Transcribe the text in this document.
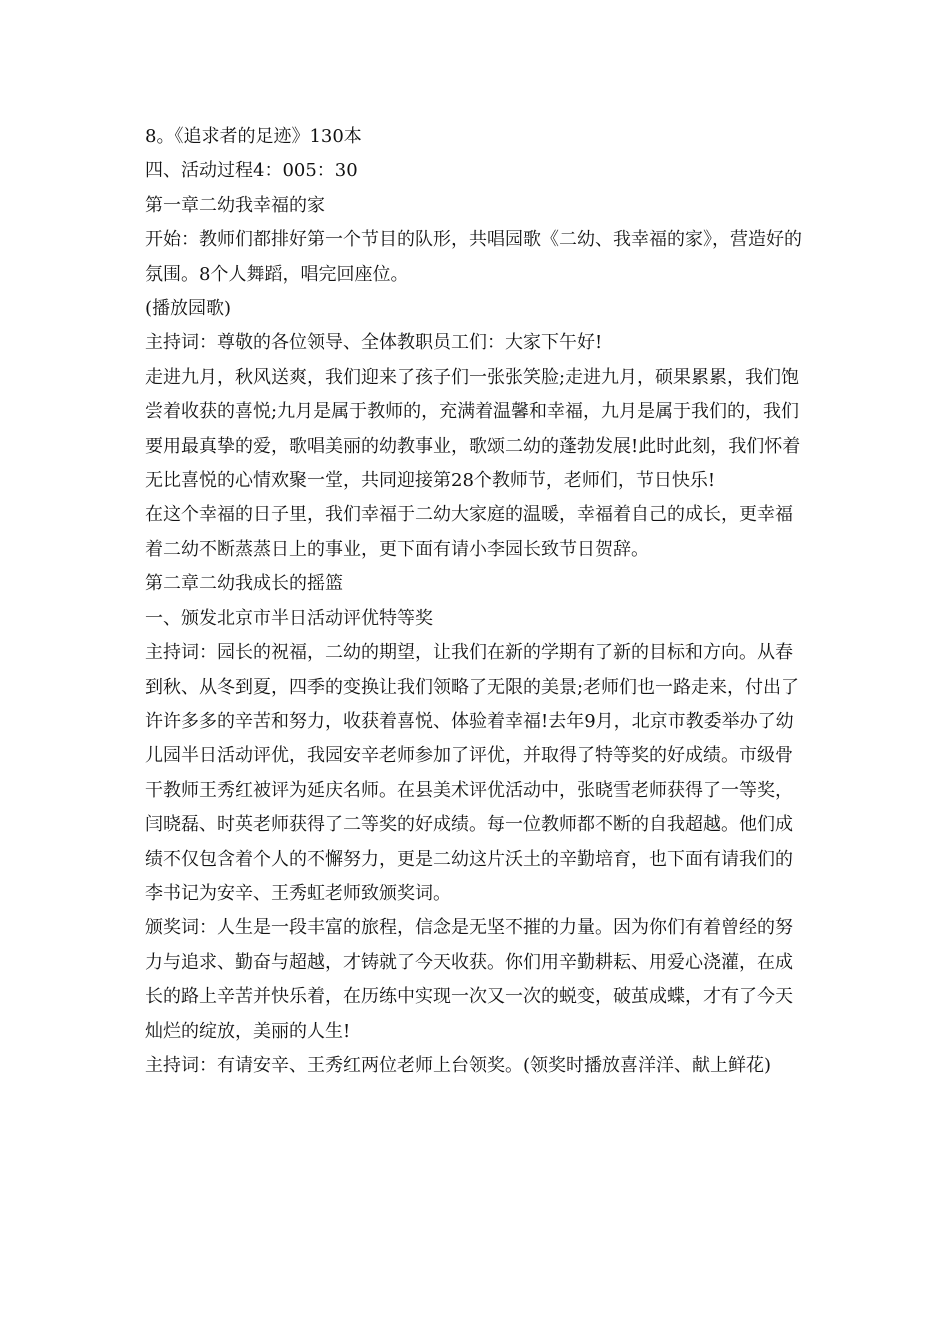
8。《追求者的足迹》130本

四、活动过程4：005：30

第一章二幼我幸福的家

开始：教师们都排好第一个节目的队形，共唱园歌《二幼、我幸福的家》，营造好的氛围。8个人舞蹈，唱完回座位。

(播放园歌)

主持词：尊敬的各位领导、全体教职员工们：大家下午好!

走进九月，秋风送爽，我们迎来了孩子们一张张笑脸;走进九月，硕果累累，我们饱尝着收获的喜悦;九月是属于教师的，充满着温馨和幸福，九月是属于我们的，我们要用最真挚的爱，歌唱美丽的幼教事业，歌颂二幼的蓬勃发展!此时此刻，我们怀着无比喜悦的心情欢聚一堂，共同迎接第28个教师节，老师们，节日快乐!

在这个幸福的日子里，我们幸福于二幼大家庭的温暖，幸福着自己的成长，更幸福着二幼不断蒸蒸日上的事业，更下面有请小李园长致节日贺辞。

第二章二幼我成长的摇篮

一、颁发北京市半日活动评优特等奖

主持词：园长的祝福，二幼的期望，让我们在新的学期有了新的目标和方向。从春到秋、从冬到夏，四季的变换让我们领略了无限的美景;老师们也一路走来，付出了许许多多的辛苦和努力，收获着喜悦、体验着幸福!去年9月，北京市教委举办了幼儿园半日活动评优，我园安辛老师参加了评优，并取得了特等奖的好成绩。市级骨干教师王秀红被评为延庆名师。在县美术评优活动中，张晓雪老师获得了一等奖，闫晓磊、时英老师获得了二等奖的好成绩。每一位教师都不断的自我超越。他们成绩不仅包含着个人的不懈努力，更是二幼这片沃土的辛勤培育，也下面有请我们的李书记为安辛、王秀虹老师致颁奖词。

颁奖词：人生是一段丰富的旅程，信念是无坚不摧的力量。因为你们有着曾经的努力与追求、勤奋与超越，才铸就了今天收获。你们用辛勤耕耘、用爱心浇灌，在成长的路上辛苦并快乐着，在历练中实现一次又一次的蜕变，破茧成蝶，才有了今天灿烂的绽放，美丽的人生!

主持词：有请安辛、王秀红两位老师上台领奖。(领奖时播放喜洋洋、献上鲜花)
